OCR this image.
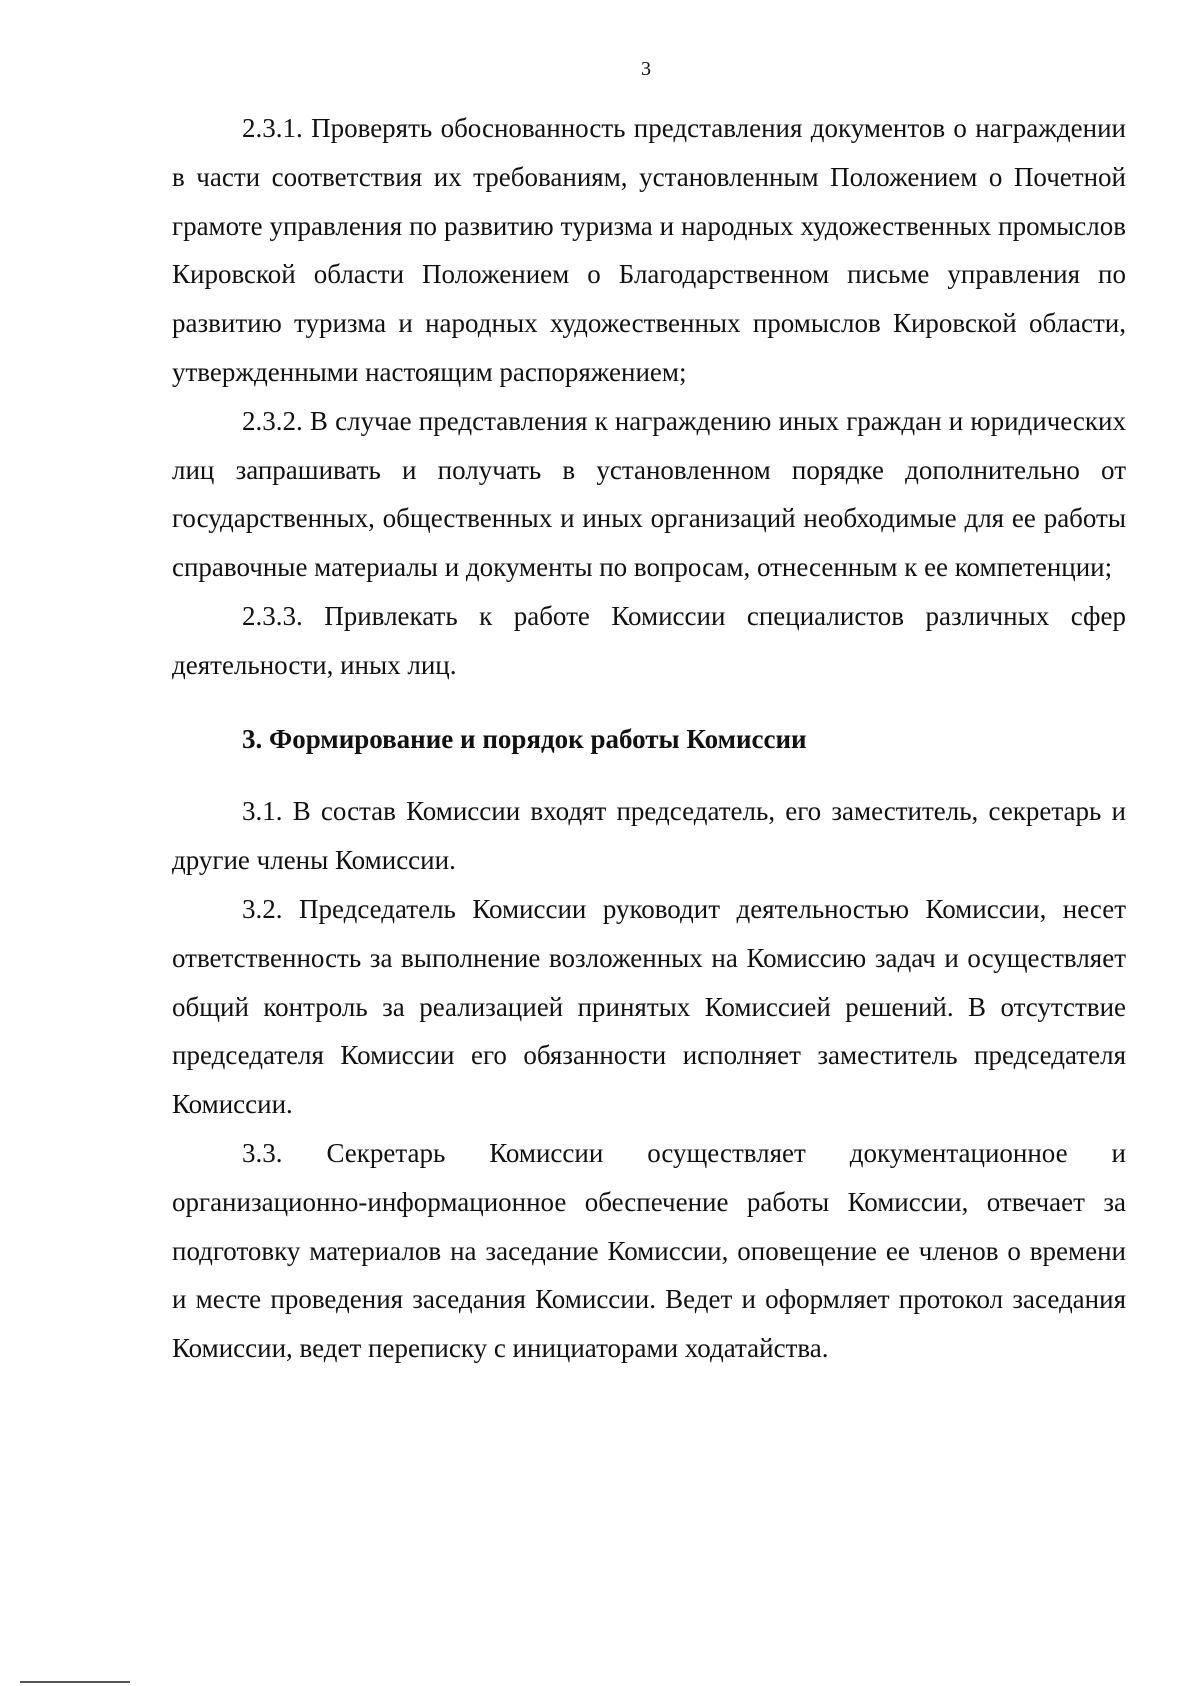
3

2.3.1. Проверять обоснованность представления документов о награждении в части соответствия их требованиям, установленным Положением о Почетной грамоте управления по развитию туризма и народных художественных промыслов Кировской области Положением о Благодарственном письме управления по развитию туризма и народных художественных промыслов Кировской области, утвержденными настоящим распоряжением;

2.3.2. В случае представления к награждению иных граждан и юридических лиц запрашивать и получать в установленном порядке дополнительно от государственных, общественных и иных организаций необходимые для ее работы справочные материалы и документы по вопросам, отнесенным к ее компетенции;

2.3.3. Привлекать к работе Комиссии специалистов различных сфер деятельности, иных лиц.

3. Формирование и порядок работы Комиссии

3.1. В состав Комиссии входят председатель, его заместитель, секретарь и другие члены Комиссии.

3.2. Председатель Комиссии руководит деятельностью Комиссии, несет ответственность за выполнение возложенных на Комиссию задач и осуществляет общий контроль за реализацией принятых Комиссией решений. В отсутствие председателя Комиссии его обязанности исполняет заместитель председателя Комиссии.

3.3. Секретарь Комиссии осуществляет документационное и организационно-информационное обеспечение работы Комиссии, отвечает за подготовку материалов на заседание Комиссии, оповещение ее членов о времени и месте проведения заседания Комиссии. Ведет и оформляет протокол заседания Комиссии, ведет переписку с инициаторами ходатайства.
